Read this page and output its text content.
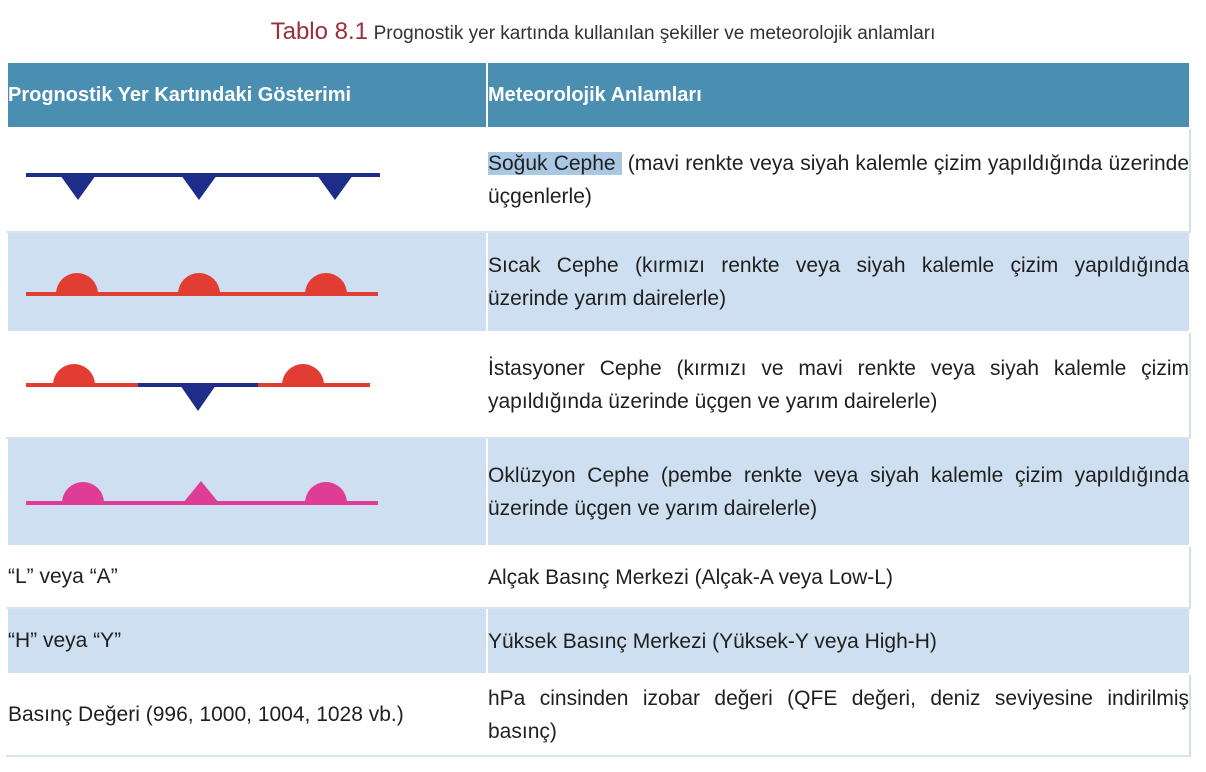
Tablo 8.1 Prognostik yer kartında kullanılan şekiller ve meteorolojik anlamları
Prognostik Yer Kartındaki Gösterimi	Meteorolojik Anlamları

Soğuk Cephe (mavi renkte veya siyah kalemle çizim yapıldığında üzerinde üçgenlerle)

Sıcak Cephe (kırmızı renkte veya siyah kalemle çizim yapıldığında üzerinde yarım dairelerle)

İstasyoner Cephe (kırmızı ve mavi renkte veya siyah kalemle çizim yapıldığında üzerinde üçgen ve yarım dairelerle)

Oklüzyon Cephe (pembe renkte veya siyah kalemle çizim yapıldığında üzerinde üçgen ve yarım dairelerle)

“L” veya “A”	Alçak Basınç Merkezi (Alçak-A veya Low-L)
“H” veya “Y”	Yüksek Basınç Merkezi (Yüksek-Y veya High-H)
Basınç Değeri (996, 1000, 1004, 1028 vb.)	hPa cinsinden izobar değeri (QFE değeri, deniz seviyesine indirilmiş basınç)
